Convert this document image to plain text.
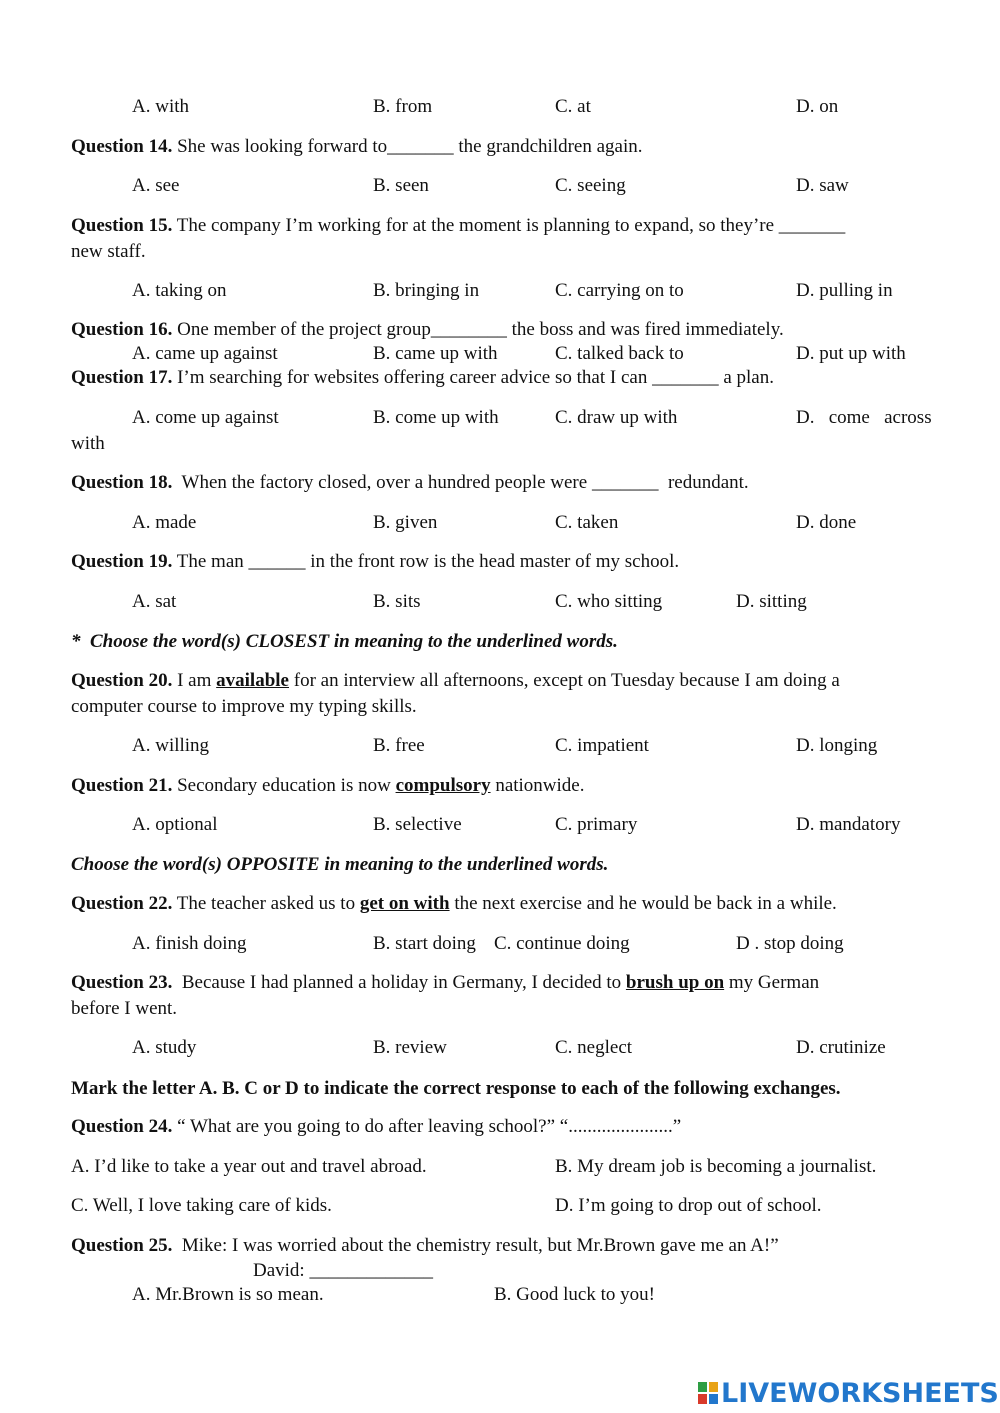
A. with	B. from	C. at	D. on
Question 14. She was looking forward to_______ the grandchildren again.
A. see	B. seen	C. seeing	D. saw
Question 15. The company I’m working for at the moment is planning to expand, so they’re _______
new staff.
A. taking on	B. bringing in	C. carrying on to	D. pulling in
Question 16. One member of the project group________ the boss and was fired immediately.
A. came up against	B. came up with	C. talked back to	D. put up with
Question 17. I’m searching for websites offering career advice so that I can _______ a plan.
A. come up against	B. come up with	C. draw up with	D.   come   across
with
Question 18.  When the factory closed, over a hundred people were _______  redundant.
A. made	B. given	C. taken	D. done
Question 19. The man ______ in the front row is the head master of my school.
A. sat	B. sits	C. who sitting	D. sitting
*  Choose the word(s) CLOSEST in meaning to the underlined words.
Question 20. I am available for an interview all afternoons, except on Tuesday because I am doing a
computer course to improve my typing skills.
A. willing	B. free	C. impatient	D. longing
Question 21. Secondary education is now compulsory nationwide.
A. optional	B. selective	C. primary	D. mandatory
Choose the word(s) OPPOSITE in meaning to the underlined words.
Question 22. The teacher asked us to get on with the next exercise and he would be back in a while.
A. finish doing	B. start doing C. continue doing	D . stop doing
Question 23.  Because I had planned a holiday in Germany, I decided to brush up on my German
before I went.
A. study	B. review	C. neglect	D. crutinize
Mark the letter A. B. C or D to indicate the correct response to each of the following exchanges.
Question 24. “ What are you going to do after leaving school?” “......................”
A. I’d like to take a year out and travel abroad.	B. My dream job is becoming a journalist.
C. Well, I love taking care of kids.	D. I’m going to drop out of school.
Question 25.  Mike: I was worried about the chemistry result, but Mr.Brown gave me an A!”
David: _____________
A. Mr.Brown is so mean.	B. Good luck to you!
LIVEWORKSHEETS
